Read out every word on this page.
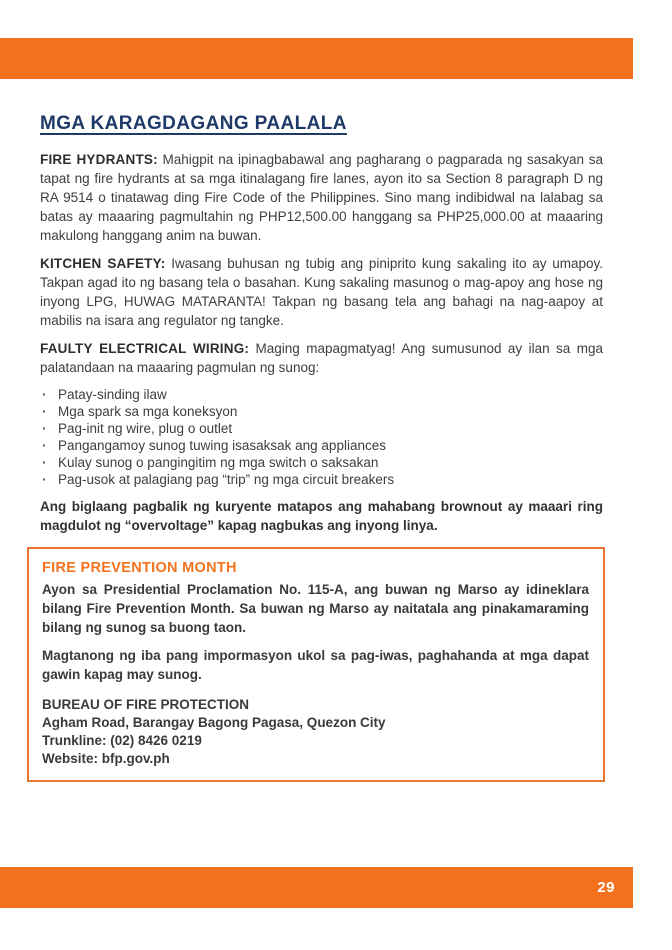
MGA KARAGDAGANG PAALALA

FIRE HYDRANTS: Mahigpit na ipinagbabawal ang pagharang o pagparada ng sasakyan sa tapat ng fire hydrants at sa mga itinalagang fire lanes, ayon ito sa Section 8 paragraph D ng RA 9514 o tinatawag ding Fire Code of the Philippines. Sino mang indibidwal na lalabag sa batas ay maaaring pagmultahin ng PHP12,500.00 hanggang sa PHP25,000.00 at maaaring makulong hanggang anim na buwan.

KITCHEN SAFETY: Iwasang buhusan ng tubig ang piniprito kung sakaling ito ay umapoy. Takpan agad ito ng basang tela o basahan. Kung sakaling masunog o mag-apoy ang hose ng inyong LPG, HUWAG MATARANTA! Takpan ng basang tela ang bahagi na nag-aapoy at mabilis na isara ang regulator ng tangke.

FAULTY ELECTRICAL WIRING: Maging mapagmatyag! Ang sumusunod ay ilan sa mga palatandaan na maaaring pagmulan ng sunog:

· Patay-sinding ilaw
· Mga spark sa mga koneksyon
· Pag-init ng wire, plug o outlet
· Pangangamoy sunog tuwing isasaksak ang appliances
· Kulay sunog o pangingitim ng mga switch o saksakan
· Pag-usok at palagiang pag “trip” ng mga circuit breakers

Ang biglaang pagbalik ng kuryente matapos ang mahabang brownout ay maaari ring magdulot ng “overvoltage” kapag nagbukas ang inyong linya.

FIRE PREVENTION MONTH

Ayon sa Presidential Proclamation No. 115-A, ang buwan ng Marso ay idineklara bilang Fire Prevention Month. Sa buwan ng Marso ay naitatala ang pinakamaraming bilang ng sunog sa buong taon.

Magtanong ng iba pang impormasyon ukol sa pag-iwas, paghahanda at mga dapat gawin kapag may sunog.

BUREAU OF FIRE PROTECTION

Agham Road, Barangay Bagong Pagasa, Quezon City

Trunkline: (02) 8426 0219

Website: bfp.gov.ph

29
